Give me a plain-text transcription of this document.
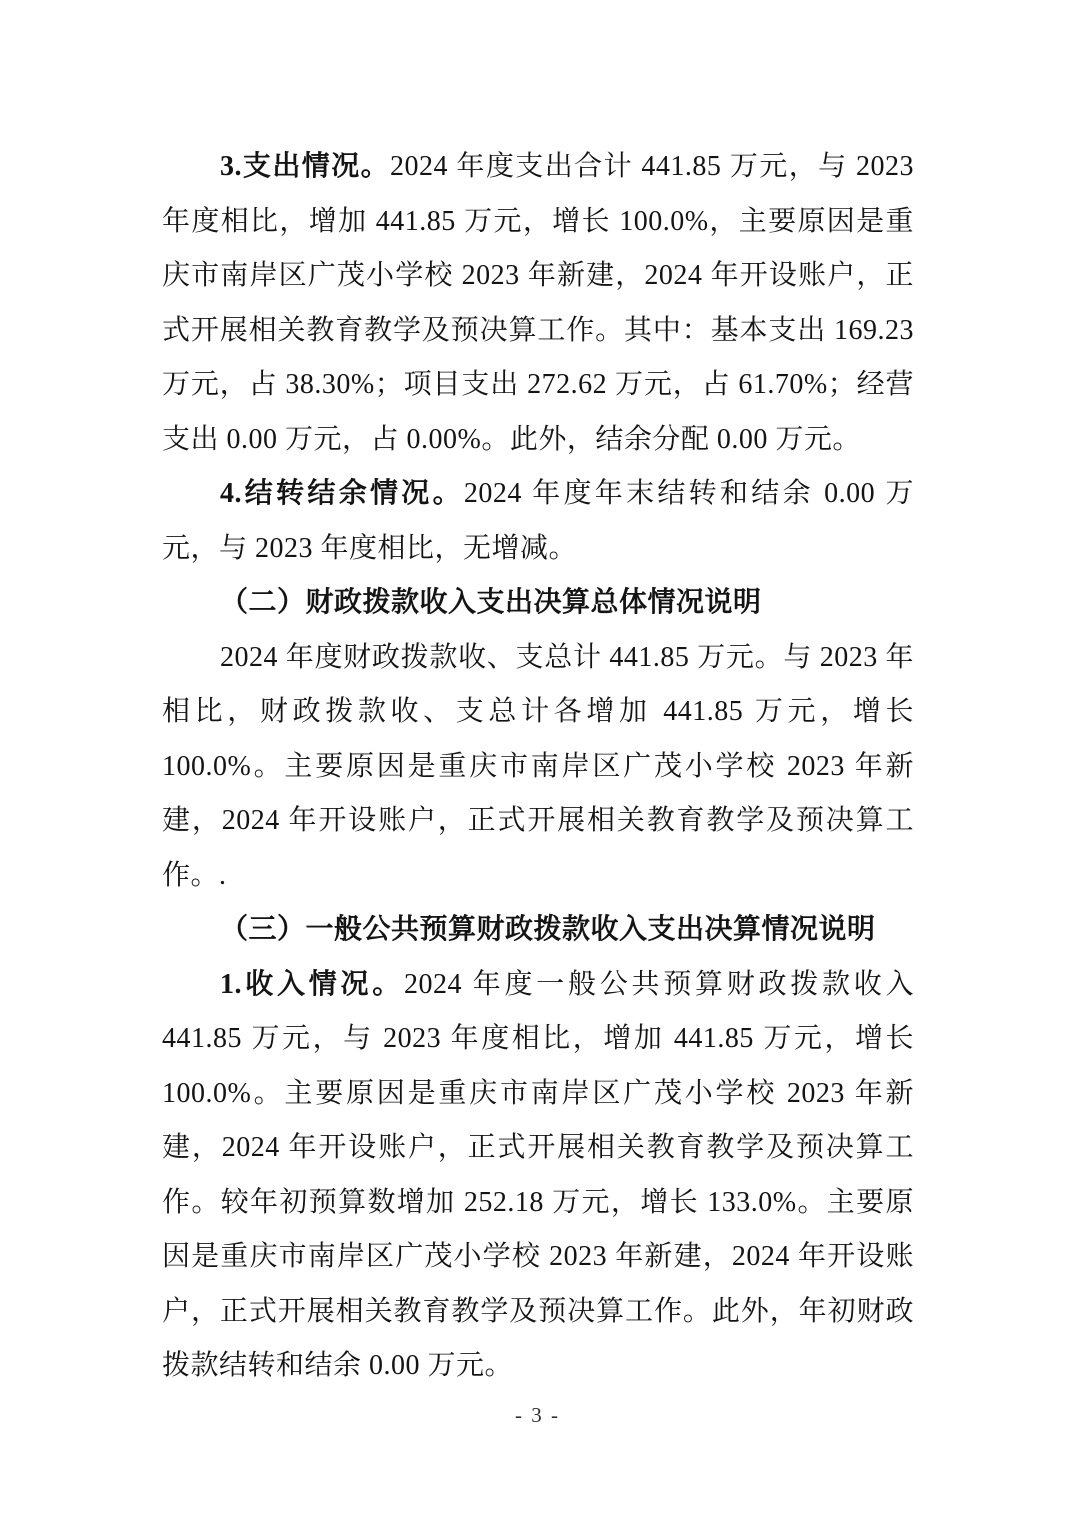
3.支出情况。2024 年度支出合计 441.85 万元，与 2023 年度相比，增加 441.85 万元，增长 100.0%，主要原因是重庆市南岸区广茂小学校 2023 年新建，2024 年开设账户，正式开展相关教育教学及预决算工作。其中：基本支出 169.23 万元，占 38.30%；项目支出 272.62 万元，占 61.70%；经营支出 0.00 万元，占 0.00%。此外，结余分配 0.00 万元。

4.结转结余情况。2024 年度年末结转和结余 0.00 万元，与 2023 年度相比，无增减。

（二）财政拨款收入支出决算总体情况说明

2024 年度财政拨款收、支总计 441.85 万元。与 2023 年相比，财政拨款收、支总计各增加 441.85 万元，增长 100.0%。主要原因是重庆市南岸区广茂小学校 2023 年新建，2024 年开设账户，正式开展相关教育教学及预决算工作。.

（三）一般公共预算财政拨款收入支出决算情况说明

1.收入情况。2024 年度一般公共预算财政拨款收入 441.85 万元，与 2023 年度相比，增加 441.85 万元，增长 100.0%。主要原因是重庆市南岸区广茂小学校 2023 年新建，2024 年开设账户，正式开展相关教育教学及预决算工作。较年初预算数增加 252.18 万元，增长 133.0%。主要原因是重庆市南岸区广茂小学校 2023 年新建，2024 年开设账户，正式开展相关教育教学及预决算工作。此外，年初财政拨款结转和结余 0.00 万元。

- 3 -
